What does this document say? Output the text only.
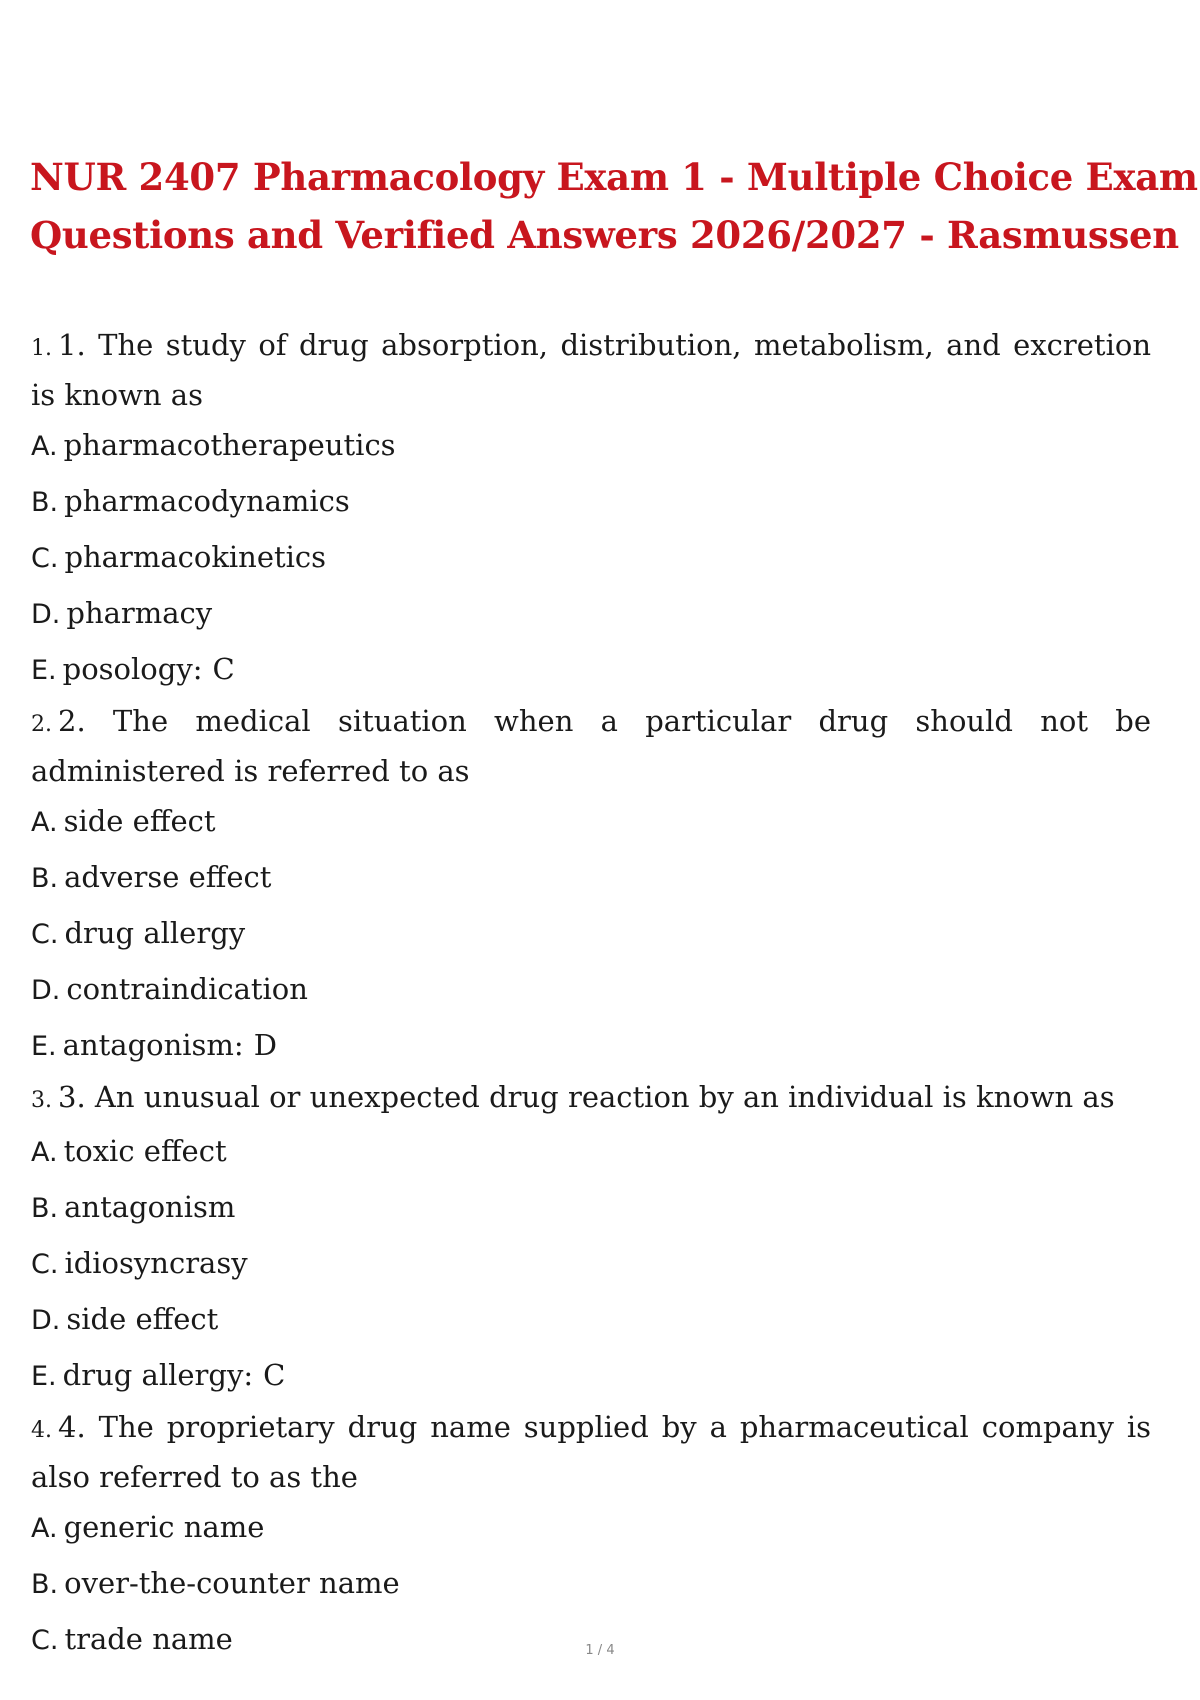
NUR 2407 Pharmacology Exam 1 - Multiple Choice Exam
Questions and Verified Answers 2026/2027 - Rasmussen

1. 1. The study of drug absorption, distribution, metabolism, and excretion is known as

A. pharmacotherapeutics

B. pharmacodynamics

C. pharmacokinetics

D. pharmacy

E. posology: C

2. 2. The medical situation when a particular drug should not be administered is referred to as

A. side effect

B. adverse effect

C. drug allergy

D. contraindication

E. antagonism: D

3. 3. An unusual or unexpected drug reaction by an individual is known as

A. toxic effect

B. antagonism

C. idiosyncrasy

D. side effect

E. drug allergy: C

4. 4. The proprietary drug name supplied by a pharmaceutical company is also referred to as the

A. generic name

B. over-the-counter name

C. trade name	1 / 4
